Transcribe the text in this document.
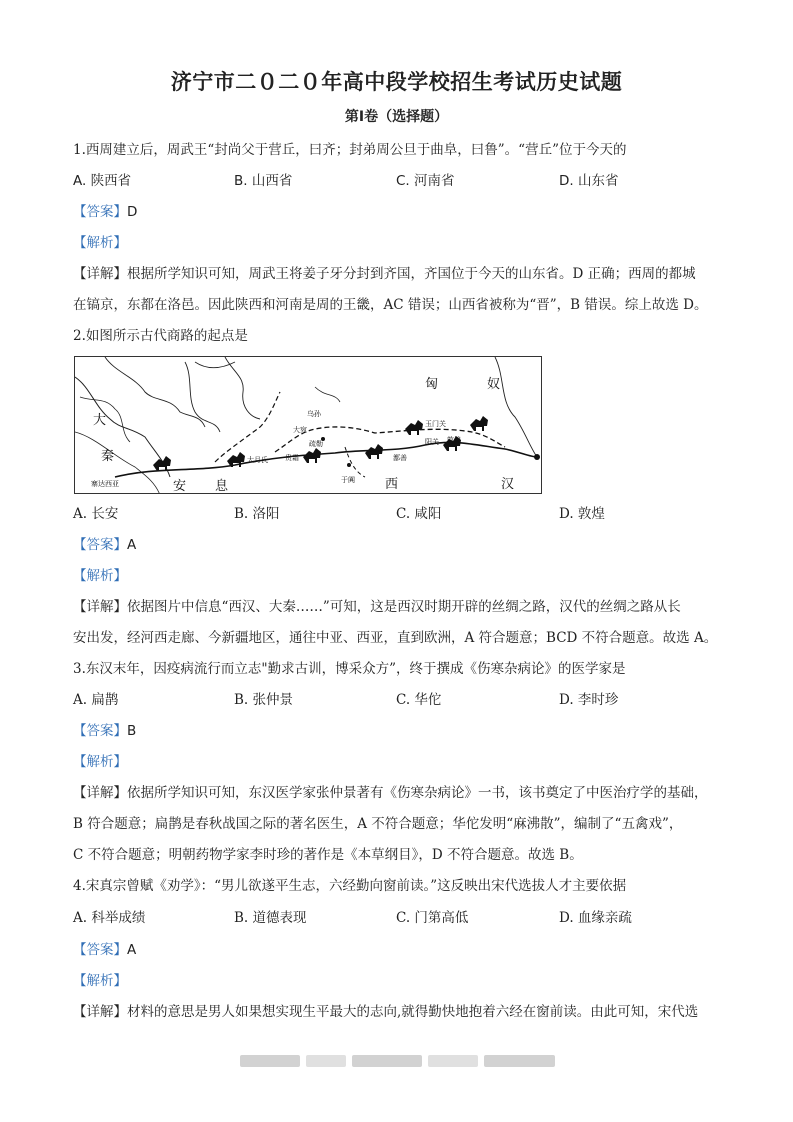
济宁市二０二０年高中段学校招生考试历史试题
第Ⅰ卷（选择题）
1.西周建立后，周武王“封尚父于营丘，曰齐；封弟周公旦于曲阜，曰鲁”。“营丘”位于今天的
A. 陕西省	B. 山西省	C. 河南省	D. 山东省
【答案】D
【解析】
【详解】根据所学知识可知，周武王将姜子牙分封到齐国，齐国位于今天的山东省。D 正确；西周的都城
在镐京，东都在洛邑。因此陕西和河南是周的王畿，AC 错误；山西省被称为“晋”，B 错误。综上故选 D。
2.如图所示古代商路的起点是
匈	奴
大
秦
安 息	西	汉
乌孙
大宛
玉门关
阳关 敦煌
疏勒
于阗
大月氏	鄯善
贵霜
寨达西亚
A. 长安	B. 洛阳	C. 咸阳	D. 敦煌
【答案】A
【解析】
【详解】依据图片中信息“西汉、大秦……”可知，这是西汉时期开辟的丝绸之路，汉代的丝绸之路从长
安出发，经河西走廊、今新疆地区，通往中亚、西亚，直到欧洲，A 符合题意；BCD 不符合题意。故选 A。
3.东汉末年，因疫病流行而立志"勤求古训，博采众方”，终于撰成《伤寒杂病论》的医学家是
A. 扁鹊	B. 张仲景	C. 华佗	D. 李时珍
【答案】B
【解析】
【详解】依据所学知识可知，东汉医学家张仲景著有《伤寒杂病论》一书，该书奠定了中医治疗学的基础，
B 符合题意；扁鹊是春秋战国之际的著名医生，A 不符合题意；华佗发明“麻沸散”，编制了“五禽戏”，
C 不符合题意；明朝药物学家李时珍的著作是《本草纲目》，D 不符合题意。故选 B。
4.宋真宗曾赋《劝学》：“男儿欲遂平生志，六经勤向窗前读。”这反映出宋代选拔人才主要依据
A. 科举成绩	B. 道德表现	C. 门第高低	D. 血缘亲疏
【答案】A
【解析】
【详解】材料的意思是男人如果想实现生平最大的志向,就得勤快地抱着六经在窗前读。由此可知，宋代选
